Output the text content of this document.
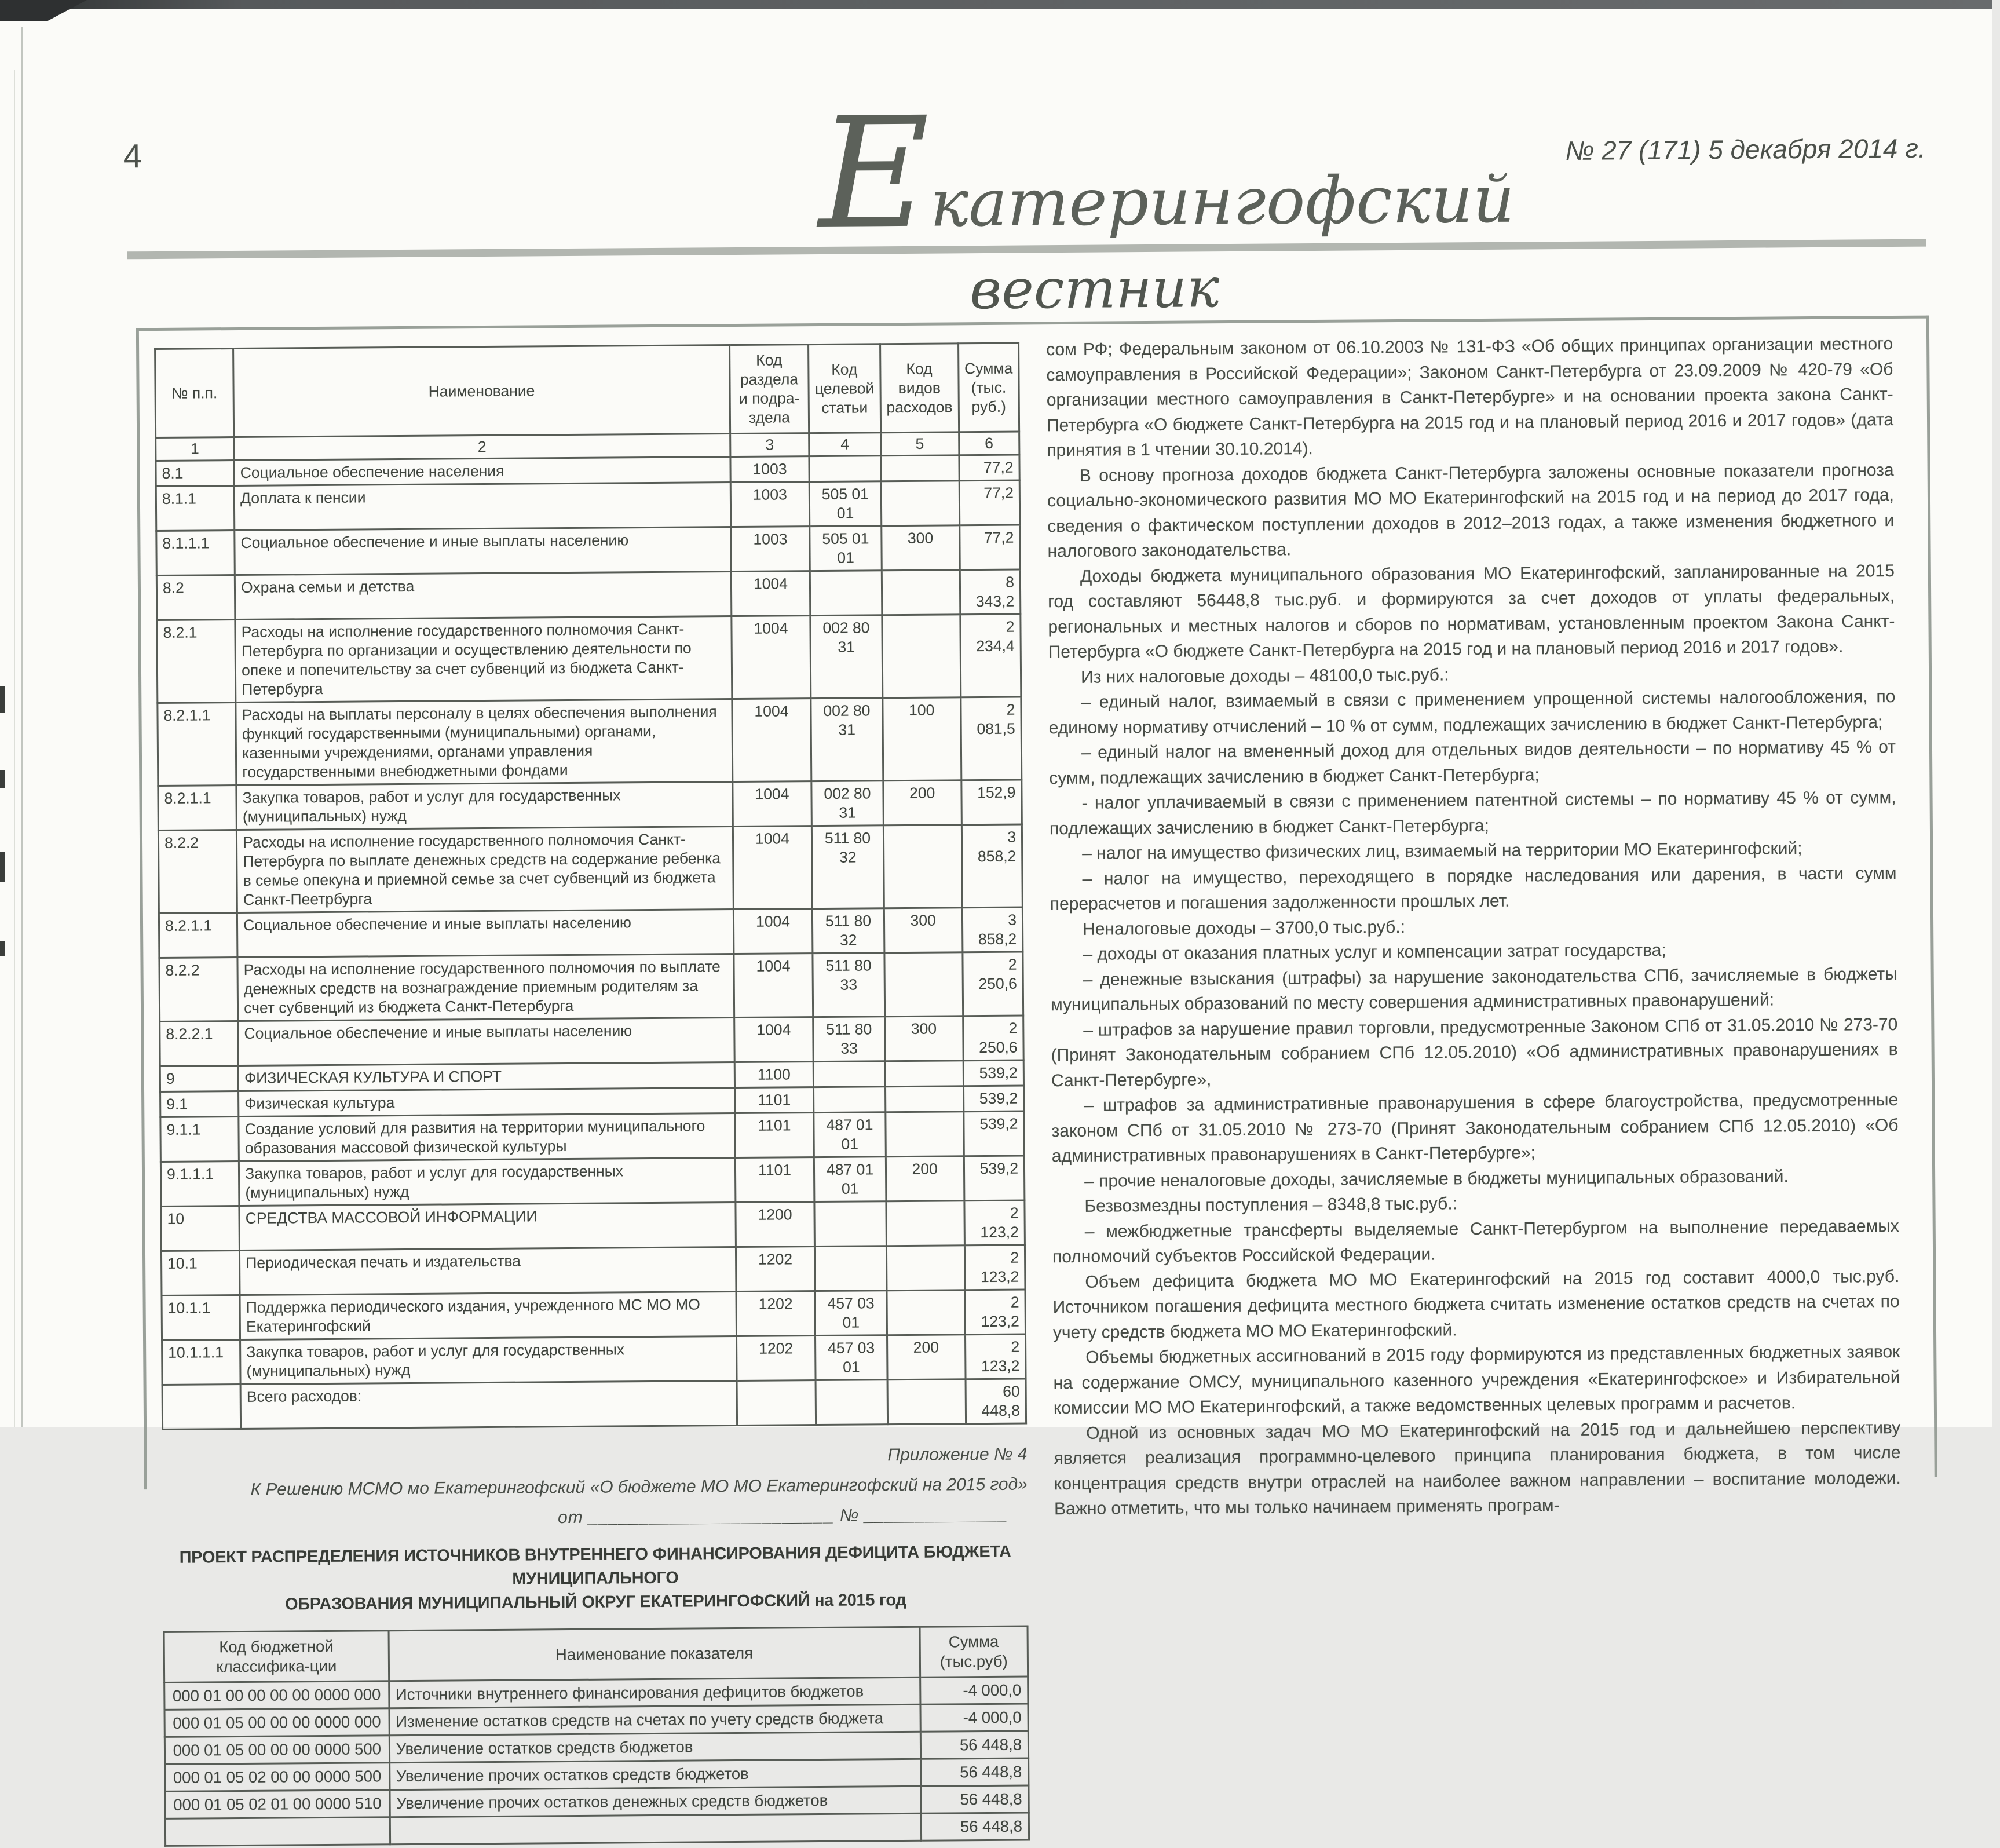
4	Екатерингофский
вестник
№ 27 (171) 5 декабря 2014 г.
№ п.п.	Наименование	Код раздела и подра-здела	Код целевой статьи	Код видов расходов	Сумма (тыс. руб.)
1	2	3	4	5	6
8.1	Социальное обеспечение населения	1003			77,2
8.1.1	Доплата к пенсии	1003	505 01 01		77,2
8.1.1.1	Социальное обеспечение и иные выплаты населению	1003	505 01 01	300	77,2
8.2	Охрана семьи и детства	1004			8 343,2
8.2.1	Расходы на исполнение государственного полномочия Санкт-Петербурга по организации и осуществлению деятельности по опеке и попечительству за счет субвенций из бюджета Санкт-Петербурга	1004	002 80 31		2 234,4
8.2.1.1	Расходы на выплаты персоналу в целях обеспечения выполнения функций государственными (муниципальными) органами, казенными учреждениями, органами управления государственными внебюджетными фондами	1004	002 80 31	100	2 081,5
8.2.1.1	Закупка товаров, работ и услуг для государственных (муниципальных) нужд	1004	002 80 31	200	152,9
8.2.2	Расходы на исполнение государственного полномочия Санкт-Петербурга по выплате денежных средств на содержание ребенка в семье опекуна и приемной семье за счет субвенций из бюджета Санкт-Пеетрбурга	1004	511 80 32		3 858,2
8.2.1.1	Социальное обеспечение и иные выплаты населению	1004	511 80 32	300	3 858,2
8.2.2	Расходы на исполнение государственного полномочия по выплате денежных средств на вознаграждение приемным родителям за счет субвенций из бюджета Санкт-Петербурга	1004	511 80 33		2 250,6
8.2.2.1	Социальное обеспечение и иные выплаты населению	1004	511 80 33	300	2 250,6
9	ФИЗИЧЕСКАЯ КУЛЬТУРА И СПОРТ	1100			539,2
9.1	Физическая культура	1101			539,2
9.1.1	Создание условий для развития на территории муниципального образования массовой физической культуры	1101	487 01 01		539,2
9.1.1.1	Закупка товаров, работ и услуг для государственных (муниципальных) нужд	1101	487 01 01	200	539,2
10	СРЕДСТВА МАССОВОЙ ИНФОРМАЦИИ	1200			2 123,2
10.1	Периодическая печать и издательства	1202			2 123,2
10.1.1	Поддержка периодического издания, учрежденного МС МО МО Екатерингофский	1202	457 03 01		2 123,2
10.1.1.1	Закупка товаров, работ и услуг для государственных (муниципальных) нужд	1202	457 03 01	200	2 123,2
	Всего расходов:				60 448,8
Приложение № 4
К Решению МСМО мо Екатерингофский «О бюджете МО МО Екатерингофский на 2015 год»
от ________________________ № ______________
ПРОЕКТ РАСПРЕДЕЛЕНИЯ ИСТОЧНИКОВ ВНУТРЕННЕГО ФИНАНСИРОВАНИЯ ДЕФИЦИТА БЮДЖЕТА МУНИЦИПАЛЬНОГО
ОБРАЗОВАНИЯ МУНИЦИПАЛЬНЫЙ ОКРУГ ЕКАТЕРИНГОФСКИЙ на 2015 год
Код бюджетной классифика-ции	Наименование показателя	Сумма (тыс.руб)
000 01 00 00 00 00 0000 000	Источники внутреннего финансирования дефицитов бюджетов	-4 000,0
000 01 05 00 00 00 0000 000	Изменение остатков средств на счетах по учету средств бюджета	-4 000,0
000 01 05 00 00 00 0000 500	Увеличение остатков средств бюджетов	56 448,8
000 01 05 02 00 00 0000 500	Увеличение прочих остатков средств бюджетов	56 448,8
000 01 05 02 01 00 0000 510	Увеличение прочих остатков денежных средств бюджетов	56 448,8
		56 448,8

сом РФ; Федеральным законом от 06.10.2003 № 131-ФЗ «Об общих принципах организации местного самоуправления в Российской Федерации»; Законом Санкт-Петербурга от 23.09.2009 № 420-79 «Об организации местного самоуправления в Санкт-Петербурге» и на основании проекта закона Санкт-Петербурга «О бюджете Санкт-Петербурга на 2015 год и на плановый период 2016 и 2017 годов» (дата принятия в 1 чтении 30.10.2014).

В основу прогноза доходов бюджета Санкт-Петербурга заложены основные показатели прогноза социально-экономического развития МО МО Екатерингофский на 2015 год и на период до 2017 года, сведения о фактическом поступлении доходов в 2012–2013 годах, а также изменения бюджетного и налогового законодательства.

Доходы бюджета муниципального образования МО Екатерингофский, запланированные на 2015 год составляют 56448,8 тыс.руб. и формируются за счет доходов от уплаты федеральных, региональных и местных налогов и сборов по нормативам, установленным проектом Закона Санкт-Петербурга «О бюджете Санкт-Петербурга на 2015 год и на плановый период 2016 и 2017 годов».

Из них налоговые доходы – 48100,0 тыс.руб.:

– единый налог, взимаемый в связи с применением упрощенной системы налогообложения, по единому нормативу отчислений – 10 % от сумм, подлежащих зачислению в бюджет Санкт-Петербурга;

– единый налог на вмененный доход для отдельных видов деятельности – по нормативу 45 % от сумм, подлежащих зачислению в бюджет Санкт-Петербурга;

- налог уплачиваемый в связи с применением патентной системы – по нормативу 45 % от сумм, подлежащих зачислению в бюджет Санкт-Петербурга;

– налог на имущество физических лиц, взимаемый на территории МО Екатерингофский;

– налог на имущество, переходящего в порядке наследования или дарения, в части сумм перерасчетов и погашения задолженности прошлых лет.

Неналоговые доходы – 3700,0 тыс.руб.:

– доходы от оказания платных услуг и компенсации затрат государства;

– денежные взыскания (штрафы) за нарушение законодательства СПб, зачисляемые в бюджеты муниципальных образований по месту совершения административных правонарушений:

– штрафов за нарушение правил торговли, предусмотренные Законом СПб от 31.05.2010 № 273-70 (Принят Законодательным собранием СПб 12.05.2010) «Об административных правонарушениях в Санкт-Петербурге»,

– штрафов за административные правонарушения в сфере благоустройства, предусмотренные законом СПб от 31.05.2010 № 273-70 (Принят Законодательным собранием СПб 12.05.2010) «Об административных правонарушениях в Санкт-Петербурге»;

– прочие неналоговые доходы, зачисляемые в бюджеты муниципальных образований.

Безвозмездны поступления – 8348,8 тыс.руб.:

– межбюджетные трансферты выделяемые Санкт-Петербургом на выполнение передаваемых полномочий субъектов Российской Федерации.

Объем дефицита бюджета МО МО Екатерингофский на 2015 год составит 4000,0 тыс.руб. Источником погашения дефицита местного бюджета считать изменение остатков средств на счетах по учету средств бюджета МО МО Екатерингофский.

Объемы бюджетных ассигнований в 2015 году формируются из представленных бюджетных заявок на содержание ОМСУ, муниципального казенного учреждения «Екатерингофское» и Избирательной комиссии МО МО Екатерингофский, а также ведомственных целевых программ и расчетов.

Одной из основных задач МО МО Екатерингофский на 2015 год и дальнейшею перспективу является реализация программно-целевого принципа планирования бюджета, в том числе концентрация средств внутри отраслей на наиболее важном направлении – воспитание молодежи. Важно отметить, что мы только начинаем применять програм-
